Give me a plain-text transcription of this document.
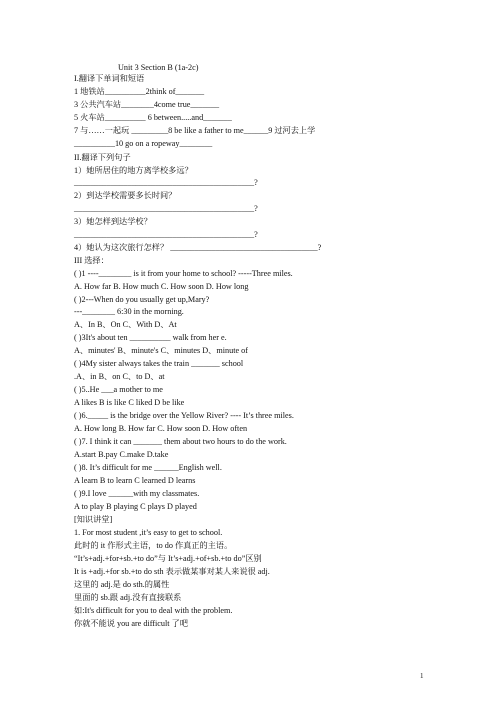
Unit 3 Section B (1a-2c)
I.翻译下单词和短语
1 地铁站__________2think of_______
3 公共汽车站________4come true_______
5 火车站__________ 6 between.....and_______
7 与……一起玩 _________8 be like a father to me______9 过河去上学
__________10 go on a ropeway________
II.翻译下列句子
1）她所居住的地方离学校多远？
____________________________________________?
2）到达学校需要多长时间？
____________________________________________?
3）她怎样到达学校？
____________________________________________?
4）她认为这次旅行怎样？ ____________________________________?
III 选择：
( )1 ----________ is it from your home to school? -----Three miles.
A. How far B. How much C. How soon D. How long
( )2---When do you usually get up,Mary?
---________ 6:30 in the morning.
A、In B、On C、With D、At
( )3It's about ten __________ walk from her e.
A、minutes' B、minute's C、minutes D、minute of
( )4My sister always takes the train _______ school
.A、in B、on C、to D、at
( )5..He ___a mother to me
A likes B is like C liked D be like
( )6._____ is the bridge over the Yellow River? ---- It’s three miles.
A. How long B. How far C. How soon D. How often
( )7. I think it can _______ them about two hours to do the work.
A.start B.pay C.make D.take
( )8. It’s difficult for me ______English well.
A learn B to learn C learned D learns
( )9.I love ______with my classmates.
A to play B playing C plays D played
[知识讲堂]
1. For most student ,it’s easy to get to school.
此时的 it 作形式主语，to do 作真正的主语。
“It’s+adj.+for+sb.+to do”与 It’s+adj.+of+sb.+to do”区别
It is +adj.+for sb.+to do sth 表示做某事对某人来说很 adj.
这里的 adj.是 do sth.的属性
里面的 sb.跟 adj.没有直接联系
如:It's difficult for you to deal with the problem.
你就不能说 you are difficult 了吧
1
